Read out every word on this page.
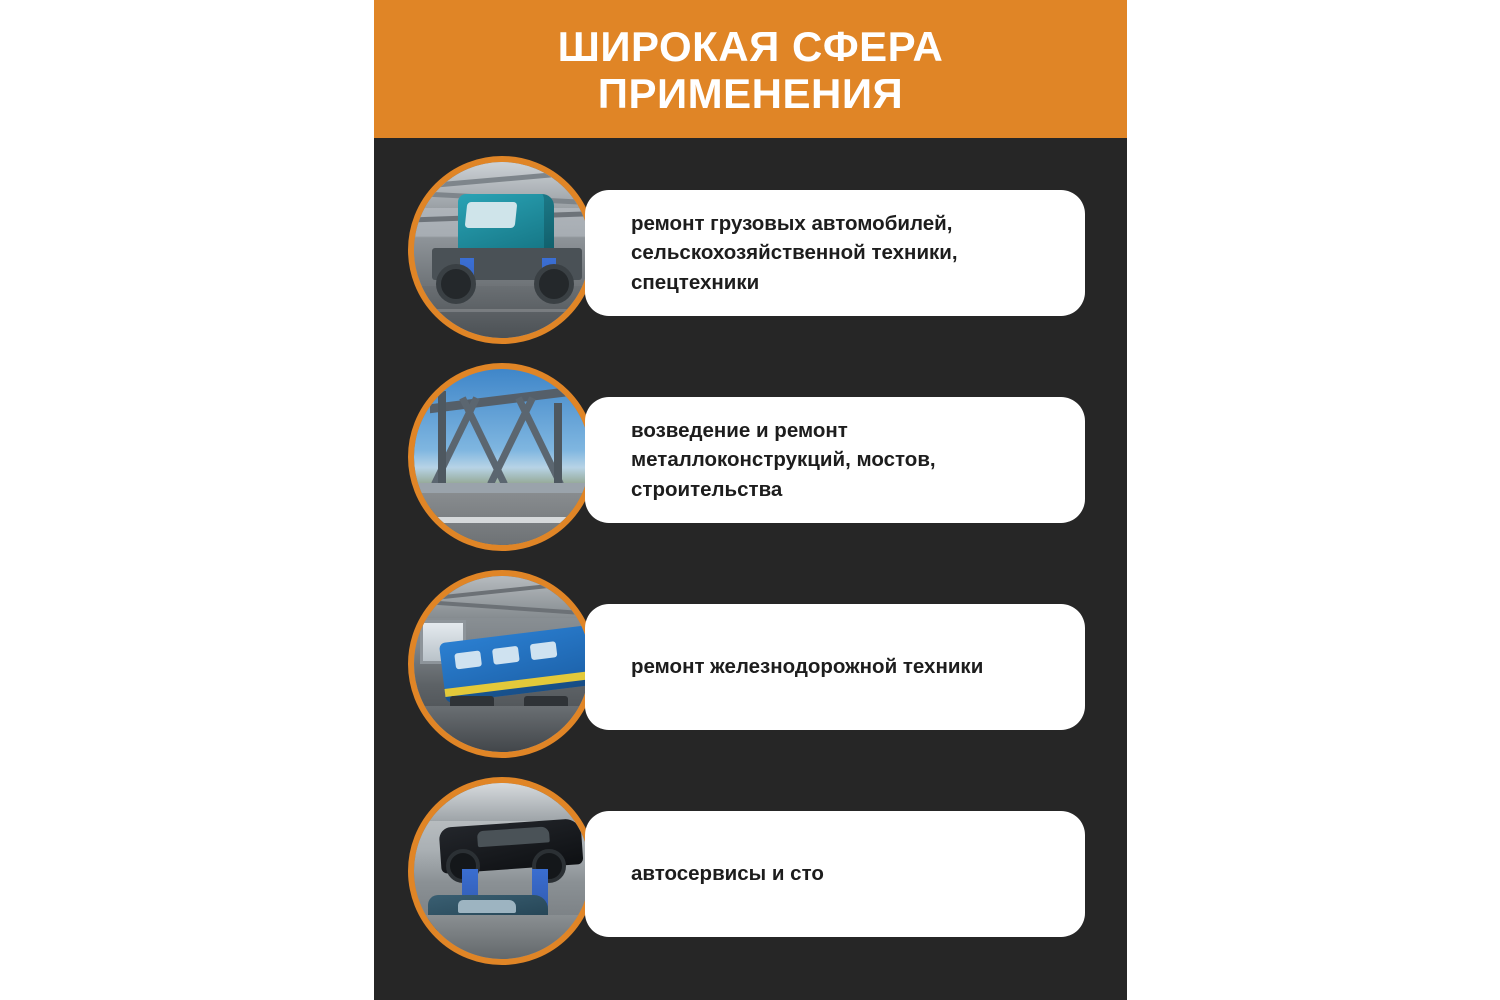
ШИРОКАЯ СФЕРА ПРИМЕНЕНИЯ
ремонт грузовых автомобилей, сельскохозяйственной техники, спецтехники
возведение и ремонт металлоконструкций, мостов, строительства
ремонт железнодорожной техники
автосервисы и сто
